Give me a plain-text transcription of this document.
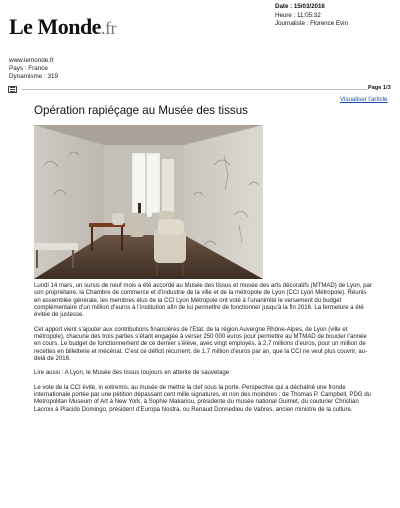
Le Monde.fr
Date : 15/03/2016
Heure : 11:05:32
Journaliste : Florence Evin
www.lemonde.fr
Pays : France
Dynamisme : 319
Page 1/3
Visualiser l'article
Opération rapiéçage au Musée des tissus

Lundi 14 mars, un sursis de neuf mois a été accordé au Musée des tissus et musée des arts décoratifs (MTMAD) de Lyon, par son propriétaire, la Chambre de commerce et d’industrie de la ville et de la métropole de Lyon (CCI Lyon Métropole). Réunis en assemblée générale, les membres élus de la CCI Lyon Métropole ont voté à l’unanimité le versement du budget complémentaire d’un million d’euros à l’institution afin de lui permettre de fonctionner jusqu’à la fin 2016. La fermeture a été évitée de justesse.

Cet apport vient s’ajouter aux contributions financières de l’Etat, de la région Auvergne Rhône-Alpes, de Lyon (ville et métropole), chacune des trois parties s’étant engagée à verser 250 000 euros pour permettre au MTMAD de boucler l’année en cours. Le budget de fonctionnement de ce dernier s’élève, avec vingt employés, à 2,7 millions d’euros, pour un million de recettes en billetterie et mécénat. C’est ce déficit récurrent, de 1,7 million d’euros par an, que la CCI ne veut plus couvrir, au-delà de 2016.

Lire aussi : A Lyon, le Musée des tissus toujours en attente de sauvetage

Le vote de la CCI évite, in extremis, au musée de mettre la clef sous la porte. Perspective qui a déchaîné une fronde internationale portée par une pétition dépassant cent mille signatures, et non des moindres : de Thomas P. Campbell, PDG du Metropolitan Museum of Art à New York, à Sophie Makariou, présidente du musée national Guimet, du couturier Christian Lacroix à Placido Domingo, président d’Europa Nostra, ou Renaud Donnedieu de Vabres, ancien ministre de la culture.
